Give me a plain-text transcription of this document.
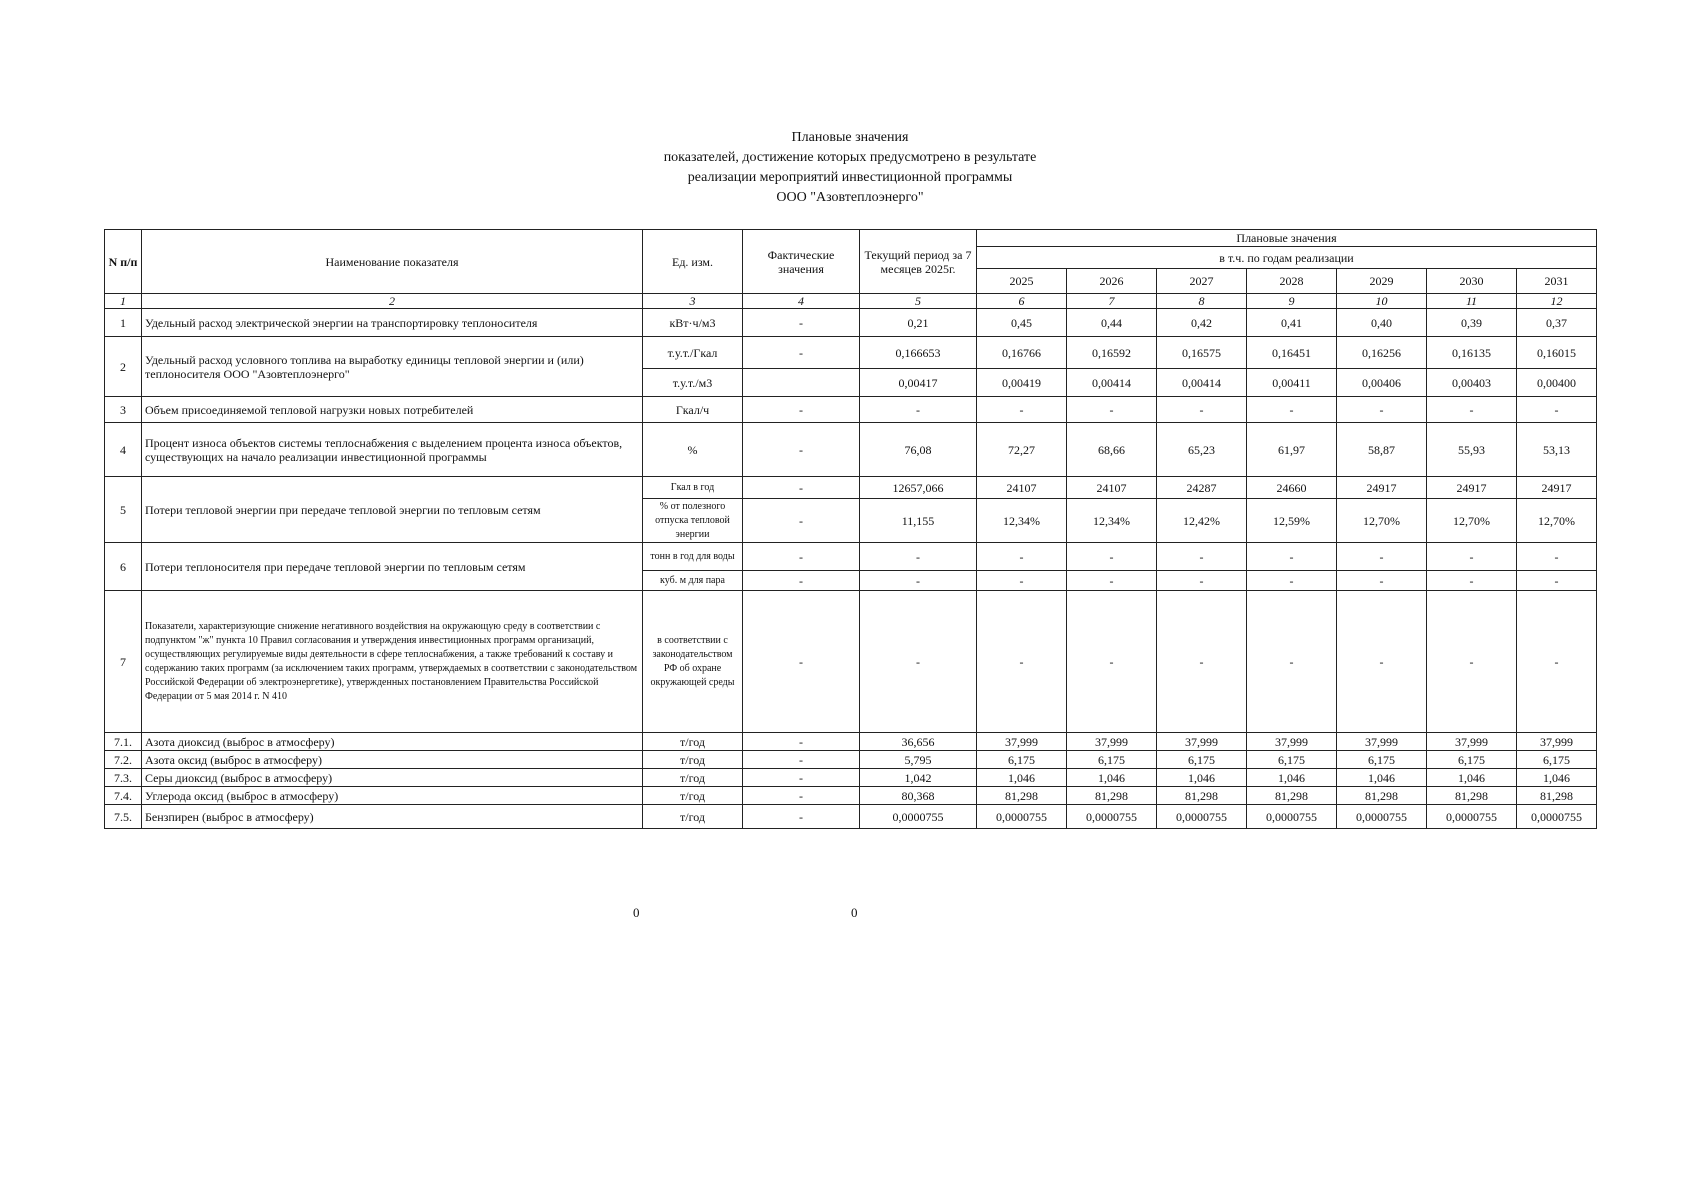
Плановые значения
показателей, достижение которых предусмотрено в результате
реализации мероприятий инвестиционной программы
ООО "Азовтеплоэнерго"
N п/п	Наименование показателя	Ед. изм.	Фактические значения	Текущий период за 7 месяцев 2025г.	Плановые значения						
					в т.ч. по годам реализации						
					2025	2026	2027	2028	2029	2030	2031
1	2	3	4	5	6	7	8	9	10	11	12
1	Удельный расход электрической энергии на транспортировку теплоносителя	кВт·ч/м3	-	0,21	0,45	0,44	0,42	0,41	0,40	0,39	0,37
2	Удельный расход условного топлива на выработку единицы тепловой энергии и (или) теплоносителя ООО "Азовтеплоэнерго"	т.у.т./Гкал	-	0,166653	0,16766	0,16592	0,16575	0,16451	0,16256	0,16135	0,16015
		т.у.т./м3		0,00417	0,00419	0,00414	0,00414	0,00411	0,00406	0,00403	0,00400
3	Объем присоединяемой тепловой нагрузки новых потребителей	Гкал/ч	-	-	-	-	-	-	-	-	-
4	Процент износа объектов системы теплоснабжения с выделением процента износа объектов, существующих на начало реализации инвестиционной программы	%	-	76,08	72,27	68,66	65,23	61,97	58,87	55,93	53,13
5	Потери тепловой энергии при передаче тепловой энергии по тепловым сетям	Гкал в год	-	12657,066	24107	24107	24287	24660	24917	24917	24917
		% от полезного отпуска тепловой энергии	-	11,155	12,34%	12,34%	12,42%	12,59%	12,70%	12,70%	12,70%
6	Потери теплоносителя при передаче тепловой энергии по тепловым сетям	тонн в год для воды	-	-	-	-	-	-	-	-	-
		куб. м для пара	-	-	-	-	-	-	-	-	-
7	Показатели, характеризующие снижение негативного воздействия на окружающую среду в соответствии с подпунктом "ж" пункта 10 Правил согласования и утверждения инвестиционных программ организаций, осуществляющих регулируемые виды деятельности в сфере теплоснабжения, а также требований к составу и содержанию таких программ (за исключением таких программ, утверждаемых в соответствии с законодательством Российской Федерации об электроэнергетике), утвержденных постановлением Правительства Российской Федерации от 5 мая 2014 г. N 410	в соответствии с законодательством РФ об охране окружающей среды	-	-	-	-	-	-	-	-	-
7.1.	Азота диоксид (выброс в атмосферу)	т/год	-	36,656	37,999	37,999	37,999	37,999	37,999	37,999	37,999
7.2.	Азота оксид (выброс в атмосферу)	т/год	-	5,795	6,175	6,175	6,175	6,175	6,175	6,175	6,175
7.3.	Серы диоксид (выброс в атмосферу)	т/год	-	1,042	1,046	1,046	1,046	1,046	1,046	1,046	1,046
7.4.	Углерода оксид (выброс в атмосферу)	т/год	-	80,368	81,298	81,298	81,298	81,298	81,298	81,298	81,298
7.5.	Бензпирен (выброс в атмосферу)	т/год	-	0,0000755	0,0000755	0,0000755	0,0000755	0,0000755	0,0000755	0,0000755	0,0000755
0	0
